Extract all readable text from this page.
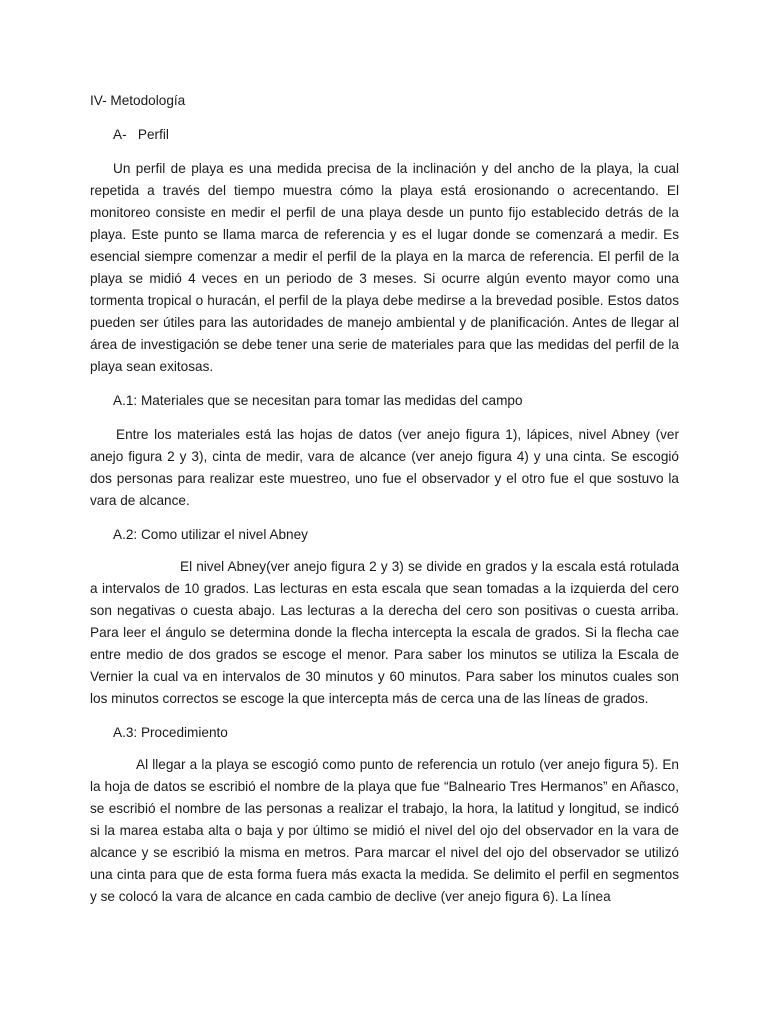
IV- Metodología

A-   Perfil

Un perfil de playa es una medida precisa de la inclinación y del ancho de la playa, la cual repetida a través del tiempo muestra cómo la playa está erosionando o acrecentando. El monitoreo consiste en medir el perfil de una playa desde un punto fijo establecido detrás de la playa. Este punto se llama marca de referencia y es el lugar donde se comenzará a medir. Es esencial siempre comenzar a medir el perfil de la playa en la marca de referencia. El perfil de la playa se midió 4 veces en un periodo de 3 meses. Si ocurre algún evento mayor como una tormenta tropical o huracán, el perfil de la playa debe medirse a la brevedad posible. Estos datos pueden ser útiles para las autoridades de manejo ambiental y de planificación. Antes de llegar al área de investigación se debe tener una serie de materiales para que las medidas del perfil de la playa sean exitosas.

A.1: Materiales que se necesitan para tomar las medidas del campo

Entre los materiales está las hojas de datos (ver anejo figura 1), lápices, nivel Abney (ver anejo figura 2 y 3), cinta de medir, vara de alcance (ver anejo figura 4) y una cinta. Se escogió dos personas para realizar este muestreo, uno fue el observador y el otro fue el que sostuvo la vara de alcance.

A.2: Como utilizar el nivel Abney

El nivel Abney(ver anejo figura 2 y 3) se divide en grados y la escala está rotulada a intervalos de 10 grados. Las lecturas en esta escala que sean tomadas a la izquierda del cero son negativas o cuesta abajo. Las lecturas a la derecha del cero son positivas o cuesta arriba. Para leer el ángulo se determina donde la flecha intercepta la escala de grados. Si la flecha cae entre medio de dos grados se escoge el menor. Para saber los minutos se utiliza la Escala de Vernier la cual va en intervalos de 30 minutos y 60 minutos. Para saber los minutos cuales son los minutos correctos se escoge la que intercepta más de cerca una de las líneas de grados.

A.3: Procedimiento

Al llegar a la playa se escogió como punto de referencia un rotulo (ver anejo figura 5). En la hoja de datos se escribió el nombre de la playa que fue “Balneario Tres Hermanos” en Añasco, se escribió el nombre de las personas a realizar el trabajo, la hora, la latitud y longitud, se indicó si la marea estaba alta o baja y por último se midió el nivel del ojo del observador en la vara de alcance y se escribió la misma en metros. Para marcar el nivel del ojo del observador se utilizó una cinta para que de esta forma fuera más exacta la medida. Se delimito el perfil en segmentos y se colocó la vara de alcance en cada cambio de declive (ver anejo figura 6). La línea
